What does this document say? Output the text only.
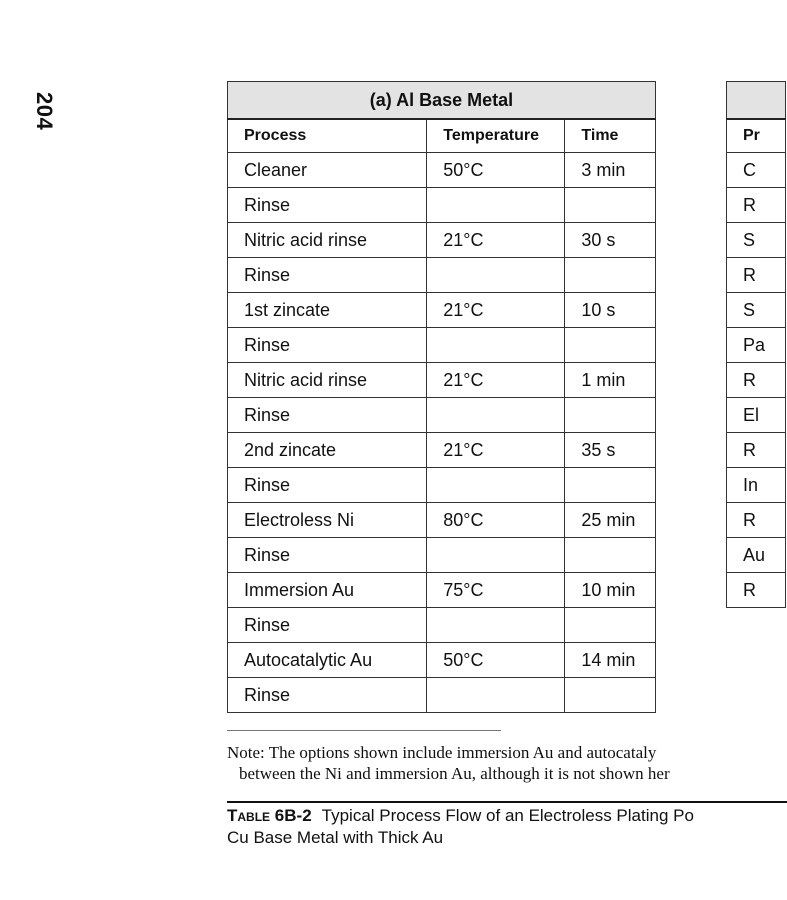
204	(a) Al Base Metal		
Process	Temperature	Time
Cleaner	50°C	3 min
Rinse		
Nitric acid rinse	21°C	30 s
Rinse		
1st zincate	21°C	10 s
Rinse		
Nitric acid rinse	21°C	1 min
Rinse		
2nd zincate	21°C	35 s
Rinse		
Electroless Ni	80°C	25 min
Rinse		
Immersion Au	75°C	10 min
Rinse		
Autocatalytic Au	50°C	14 min
Rinse		

Pr
C
R
S
R
S
Pa
R
El
R
In
R
Au
R
Note: The options shown include immersion Au and autocataly
between the Ni and immersion Au, although it is not shown her
Table 6B-2 Typical Process Flow of an Electroless Plating Po
Cu Base Metal with Thick Au
